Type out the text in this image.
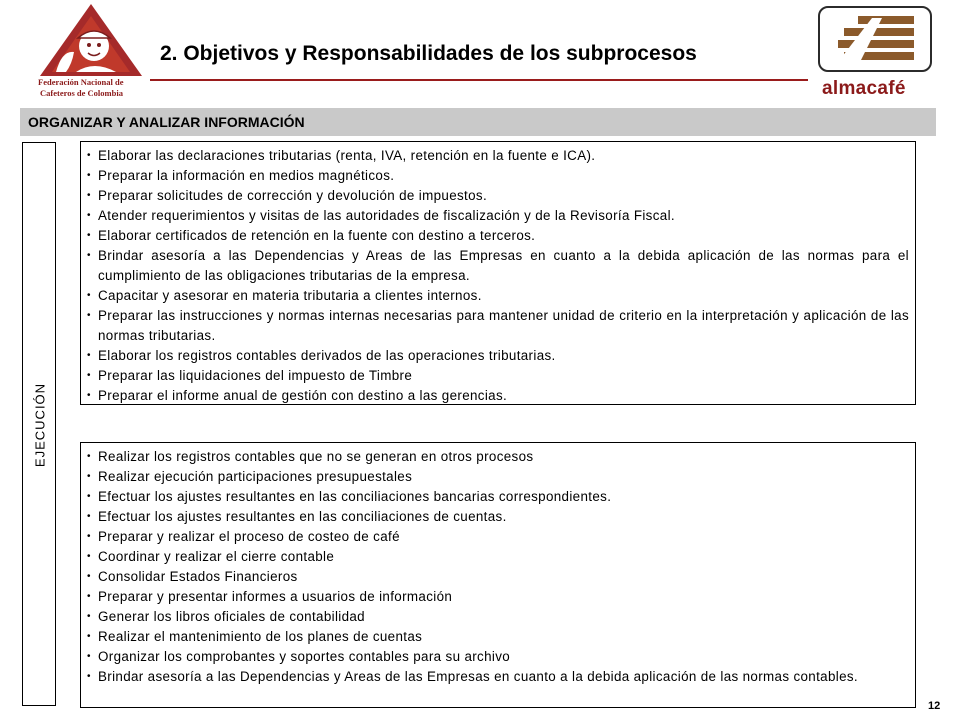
Federación Nacional de
Cafeteros de Colombia
2. Objetivos y Responsabilidades de los subprocesos
almacafé
ORGANIZAR Y ANALIZAR INFORMACIÓN
EJECUCIÓN
• Elaborar las declaraciones tributarias (renta, IVA, retención en la fuente e ICA).
• Preparar la información en medios magnéticos.
• Preparar solicitudes de corrección y devolución de impuestos.
• Atender requerimientos y visitas de las autoridades de fiscalización y de la Revisoría Fiscal.
• Elaborar certificados de retención en la fuente con destino a terceros.
• Brindar asesoría a las Dependencias y Areas de las Empresas en cuanto a la debida aplicación de las normas para el cumplimiento de las obligaciones tributarias de la empresa.
• Capacitar y asesorar en materia tributaria a clientes internos.
• Preparar las instrucciones y normas internas necesarias para mantener unidad de criterio en la interpretación y aplicación de las normas tributarias.
• Elaborar los registros contables derivados de las operaciones tributarias.
• Preparar las liquidaciones del impuesto de Timbre
• Preparar el informe anual de gestión con destino a las gerencias.
• Realizar los registros contables que no se generan en otros procesos
• Realizar ejecución participaciones presupuestales
• Efectuar los ajustes resultantes en las conciliaciones bancarias correspondientes.
• Efectuar los ajustes resultantes en las conciliaciones de cuentas.
• Preparar y realizar el proceso de costeo de café
• Coordinar y realizar el cierre contable
• Consolidar Estados Financieros
• Preparar y presentar informes a usuarios de información
• Generar los libros oficiales de contabilidad
• Realizar el mantenimiento de los planes de cuentas
• Organizar los comprobantes y soportes contables para su archivo
• Brindar asesoría a las Dependencias y Areas de las Empresas en cuanto a la debida aplicación de las normas contables.
12
